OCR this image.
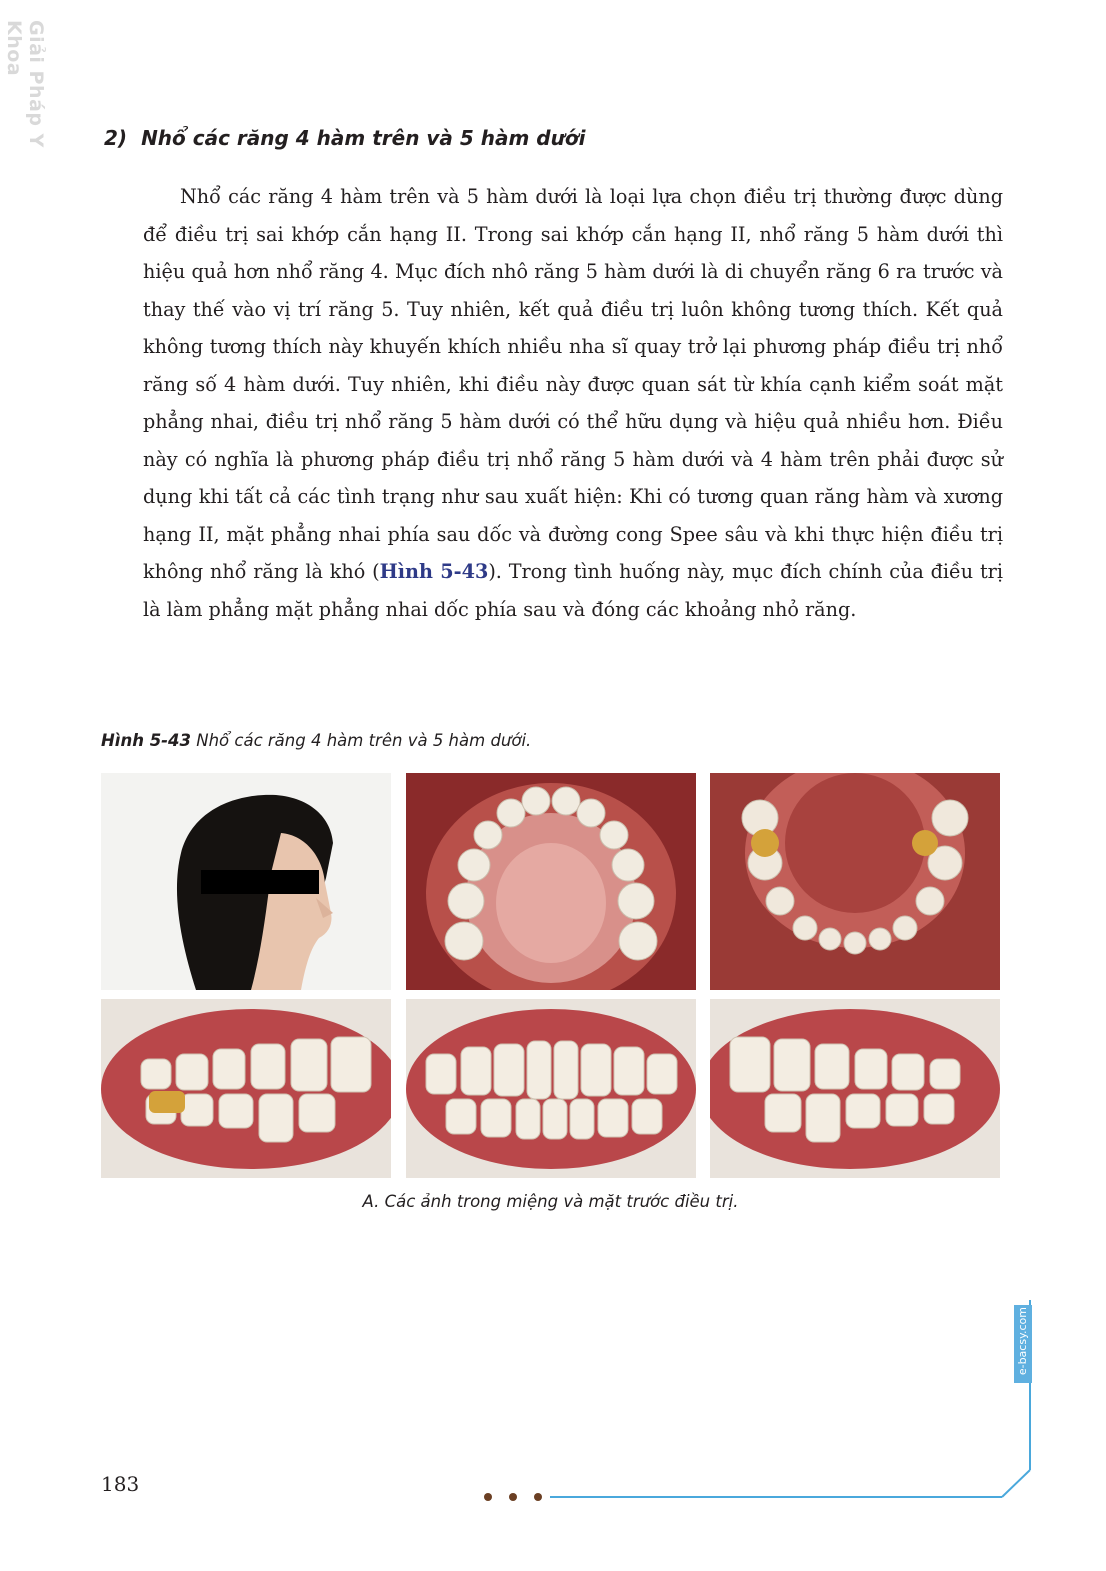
Giải Pháp Y Khoa
2) Nhổ các răng 4 hàm trên và 5 hàm dưới

Nhổ các răng 4 hàm trên và 5 hàm dưới là loại lựa chọn điều trị thường được dùng để điều trị sai khớp cắn hạng II. Trong sai khớp cắn hạng II, nhổ răng 5 hàm dưới thì hiệu quả hơn nhổ răng 4. Mục đích nhô răng 5 hàm dưới là di chuyển răng 6 ra trước và thay thế vào vị trí răng 5. Tuy nhiên, kết quả điều trị luôn không tương thích. Kết quả không tương thích này khuyến khích nhiều nha sĩ quay trở lại phương pháp điều trị nhổ răng số 4 hàm dưới. Tuy nhiên, khi điều này được quan sát từ khía cạnh kiểm soát mặt phẳng nhai, điều trị nhổ răng 5 hàm dưới có thể hữu dụng và hiệu quả nhiều hơn. Điều này có nghĩa là phương pháp điều trị nhổ răng 5 hàm dưới và 4 hàm trên phải được sử dụng khi tất cả các tình trạng như sau xuất hiện: Khi có tương quan răng hàm và xương hạng II, mặt phẳng nhai phía sau dốc và đường cong Spee sâu và khi thực hiện điều trị không nhổ răng là khó (Hình 5-43). Trong tình huống này, mục đích chính của điều trị là làm phẳng mặt phẳng nhai dốc phía sau và đóng các khoảng nhỏ răng.

Hình 5-43 Nhổ các răng 4 hàm trên và 5 hàm dưới.
A. Các ảnh trong miệng và mặt trước điều trị.
183
e-bacsy.com
